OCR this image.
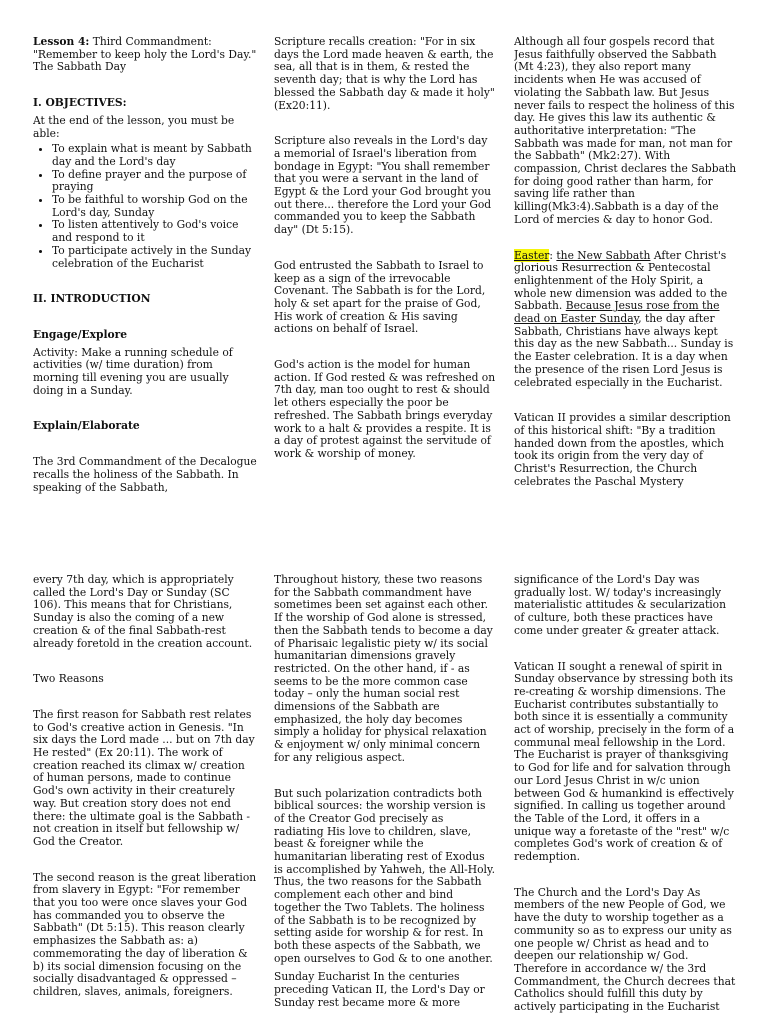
Lesson 4: Third Commandment: "Remember to keep holy the Lord's Day." The Sabbath Day

I. OBJECTIVES:

At the end of the lesson, you must be able:

• To explain what is meant by Sabbath day and the Lord's day
• To define prayer and the purpose of praying
• To be faithful to worship God on the Lord's day, Sunday
• To listen attentively to God's voice and respond to it
• To participate actively in the Sunday celebration of the Eucharist
II. INTRODUCTION
Engage/Explore

Activity: Make a running schedule of activities (w/ time duration) from morning till evening you are usually doing in a Sunday.

Explain/Elaborate

The 3rd Commandment of the Decalogue recalls the holiness of the Sabbath. In speaking of the Sabbath,

Scripture recalls creation: "For in six days the Lord made heaven & earth, the sea, all that is in them, & rested the seventh day; that is why the Lord has blessed the Sabbath day & made it holy"(Ex20:11).

Scripture also reveals in the Lord's day a memorial of Israel's liberation from bondage in Egypt: "You shall remember that you were a servant in the land of Egypt & the Lord your God brought you out there... therefore the Lord your God commanded you to keep the Sabbath day" (Dt 5:15).

God entrusted the Sabbath to Israel to keep as a sign of the irrevocable Covenant. The Sabbath is for the Lord, holy & set apart for the praise of God, His work of creation & His saving actions on behalf of Israel.

God's action is the model for human action. If God rested & was refreshed on 7th day, man too ought to rest & should let others especially the poor be refreshed. The Sabbath brings everyday work to a halt & provides a respite. It is a day of protest against the servitude of work & worship of money.

Although all four gospels record that Jesus faithfully observed the Sabbath (Mt 4:23), they also report many incidents when He was accused of violating the Sabbath law. But Jesus never fails to respect the holiness of this day. He gives this law its authentic & authoritative interpretation: "The Sabbath was made for man, not man for the Sabbath" (Mk2:27). With compassion, Christ declares the Sabbath for doing good rather than harm, for saving life rather than killing(Mk3:4).Sabbath is a day of the Lord of mercies & day to honor God.

Easter: the New Sabbath After Christ's glorious Resurrection & Pentecostal enlightenment of the Holy Spirit, a whole new dimension was added to the Sabbath. Because Jesus rose from the dead on Easter Sunday, the day after Sabbath, Christians have always kept this day as the new Sabbath... Sunday is the Easter celebration. It is a day when the presence of the risen Lord Jesus is celebrated especially in the Eucharist.

Vatican II provides a similar description of this historical shift: "By a tradition handed down from the apostles, which took its origin from the very day of Christ's Resurrection, the Church celebrates the Paschal Mystery

every 7th day, which is appropriately called the Lord's Day or Sunday (SC 106). This means that for Christians, Sunday is also the coming of a new creation & of the final Sabbath-rest already foretold in the creation account.

Two Reasons

The first reason for Sabbath rest relates to God's creative action in Genesis. "In six days the Lord made ... but on 7th day He rested" (Ex 20:11). The work of creation reached its climax w/ creation of human persons, made to continue God's own activity in their creaturely way. But creation story does not end there: the ultimate goal is the Sabbath - not creation in itself but fellowship w/ God the Creator.

The second reason is the great liberation from slavery in Egypt: "For remember that you too were once slaves your God has commanded you to observe the Sabbath" (Dt 5:15). This reason clearly emphasizes the Sabbath as: a) commemorating the day of liberation & b) its social dimension focusing on the socially disadvantaged & oppressed – children, slaves, animals, foreigners.

Throughout history, these two reasons for the Sabbath commandment have sometimes been set against each other. If the worship of God alone is stressed, then the Sabbath tends to become a day of Pharisaic legalistic piety w/ its social humanitarian dimensions gravely restricted. On the other hand, if - as seems to be the more common case today – only the human social rest dimensions of the Sabbath are emphasized, the holy day becomes simply a holiday for physical relaxation & enjoyment w/ only minimal concern for any religious aspect.

But such polarization contradicts both biblical sources: the worship version is of the Creator God precisely as radiating His love to children, slave, beast & foreigner while the humanitarian liberating rest of Exodus is accomplished by Yahweh, the All-Holy. Thus, the two reasons for the Sabbath complement each other and bind together the Two Tablets. The holiness of the Sabbath is to be recognized by setting aside for worship & for rest. In both these aspects of the Sabbath, we open ourselves to God & to one another.

Sunday Eucharist In the centuries preceding Vatican II, the Lord's Day or Sunday rest became more & more

significance of the Lord's Day was gradually lost. W/ today's increasingly materialistic attitudes & secularization of culture, both these practices have come under greater & greater attack.

Vatican II sought a renewal of spirit in Sunday observance by stressing both its re-creating & worship dimensions. The Eucharist contributes substantially to both since it is essentially a community act of worship, precisely in the form of a communal meal fellowship in the Lord. The Eucharist is prayer of thanksgiving to God for life and for salvation through our Lord Jesus Christ in w/c union between God & humankind is effectively signified. In calling us together around the Table of the Lord, it offers in a unique way a foretaste of the "rest" w/c completes God's work of creation & of redemption.

The Church and the Lord's Day As members of the new People of God, we have the duty to worship together as a community so as to express our unity as one people w/ Christ as head and to deepen our relationship w/ God. Therefore in accordance w/ the 3rd Commandment, the Church decrees that Catholics should fulfill this duty by actively participating in the Eucharist
